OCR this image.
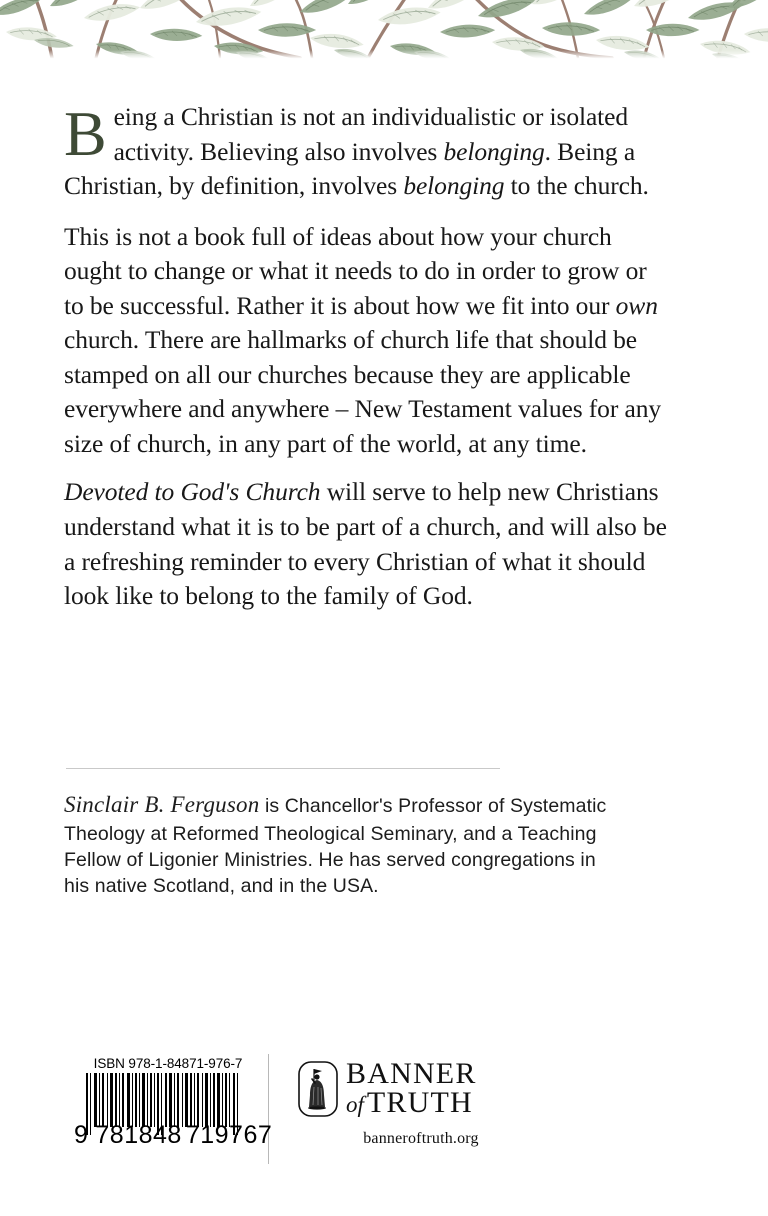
Being a Christian is not an individualistic or isolated activity. Believing also involves belonging. Being a Christian, by definition, involves belonging to the church.

This is not a book full of ideas about how your church ought to change or what it needs to do in order to grow or to be successful. Rather it is about how we fit into our own church. There are hallmarks of church life that should be stamped on all our churches because they are applicable everywhere and anywhere – New Testament values for any size of church, in any part of the world, at any time.

Devoted to God's Church will serve to help new Christians understand what it is to be part of a church, and will also be a refreshing reminder to every Christian of what it should look like to belong to the family of God.

Sinclair B. Ferguson is Chancellor's Professor of Systematic Theology at Reformed Theological Seminary, and a Teaching Fellow of Ligonier Ministries. He has served congregations in his native Scotland, and in the USA.
ISBN 978-1-84871-976-7
9 781848 719767
BANNER
of TRUTH
banneroftruth.org
